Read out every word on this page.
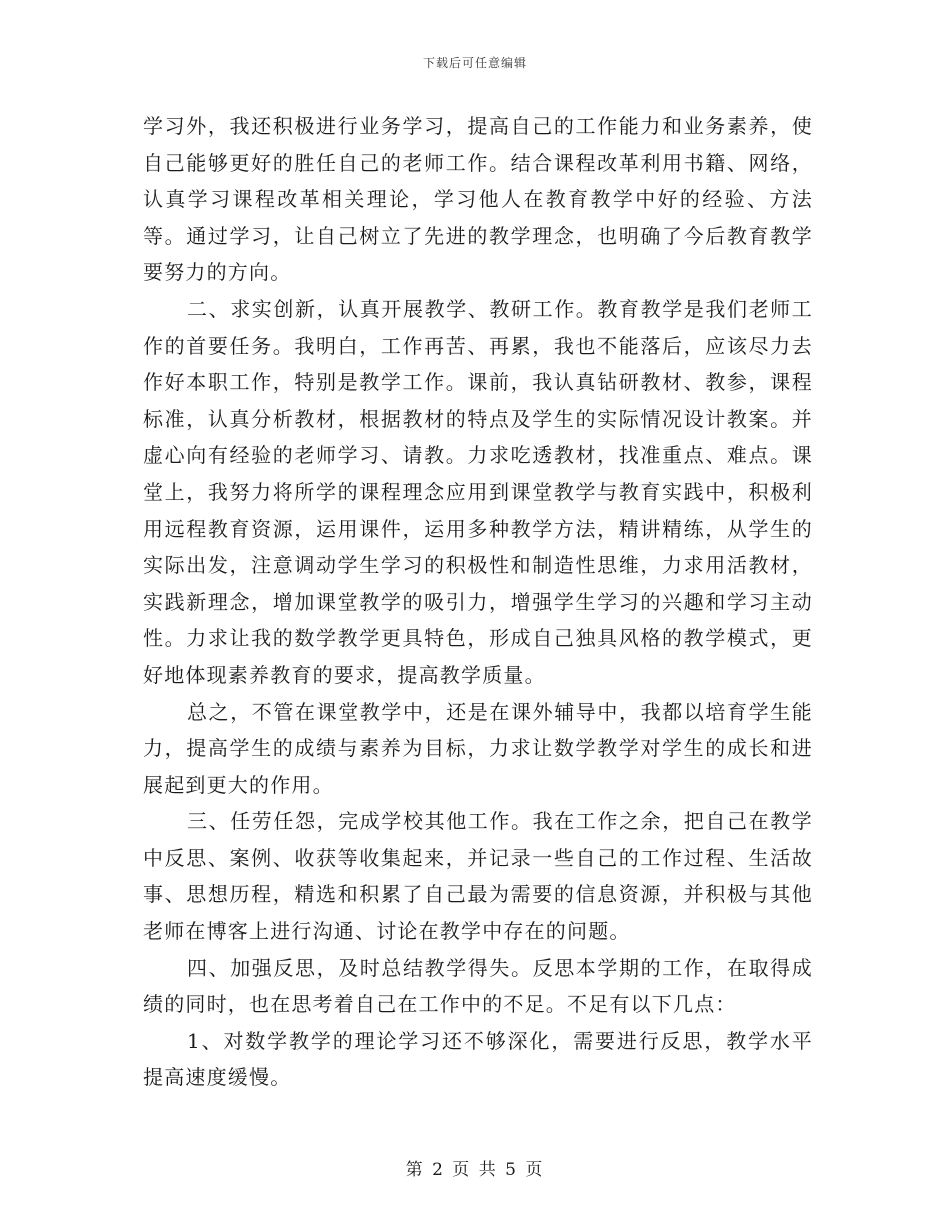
下载后可任意编辑

学习外，我还积极进行业务学习，提高自己的工作能力和业务素养，使自己能够更好的胜任自己的老师工作。结合课程改革利用书籍、网络，认真学习课程改革相关理论，学习他人在教育教学中好的经验、方法等。通过学习，让自己树立了先进的教学理念，也明确了今后教育教学要努力的方向。

二、求实创新，认真开展教学、教研工作。教育教学是我们老师工作的首要任务。我明白，工作再苦、再累，我也不能落后，应该尽力去作好本职工作，特别是教学工作。课前，我认真钻研教材、教参，课程标准，认真分析教材，根据教材的特点及学生的实际情况设计教案。并虚心向有经验的老师学习、请教。力求吃透教材，找准重点、难点。课堂上，我努力将所学的课程理念应用到课堂教学与教育实践中，积极利用远程教育资源，运用课件，运用多种教学方法，精讲精练，从学生的实际出发，注意调动学生学习的积极性和制造性思维，力求用活教材，实践新理念，增加课堂教学的吸引力，增强学生学习的兴趣和学习主动性。力求让我的数学教学更具特色，形成自己独具风格的教学模式，更好地体现素养教育的要求，提高教学质量。

总之，不管在课堂教学中，还是在课外辅导中，我都以培育学生能力，提高学生的成绩与素养为目标，力求让数学教学对学生的成长和进展起到更大的作用。

三、任劳任怨，完成学校其他工作。我在工作之余，把自己在教学中反思、案例、收获等收集起来，并记录一些自己的工作过程、生活故事、思想历程，精选和积累了自己最为需要的信息资源，并积极与其他老师在博客上进行沟通、讨论在教学中存在的问题。

四、加强反思，及时总结教学得失。反思本学期的工作，在取得成绩的同时，也在思考着自己在工作中的不足。不足有以下几点：

1、对数学教学的理论学习还不够深化，需要进行反思，教学水平提高速度缓慢。

第 2 页 共 5 页
